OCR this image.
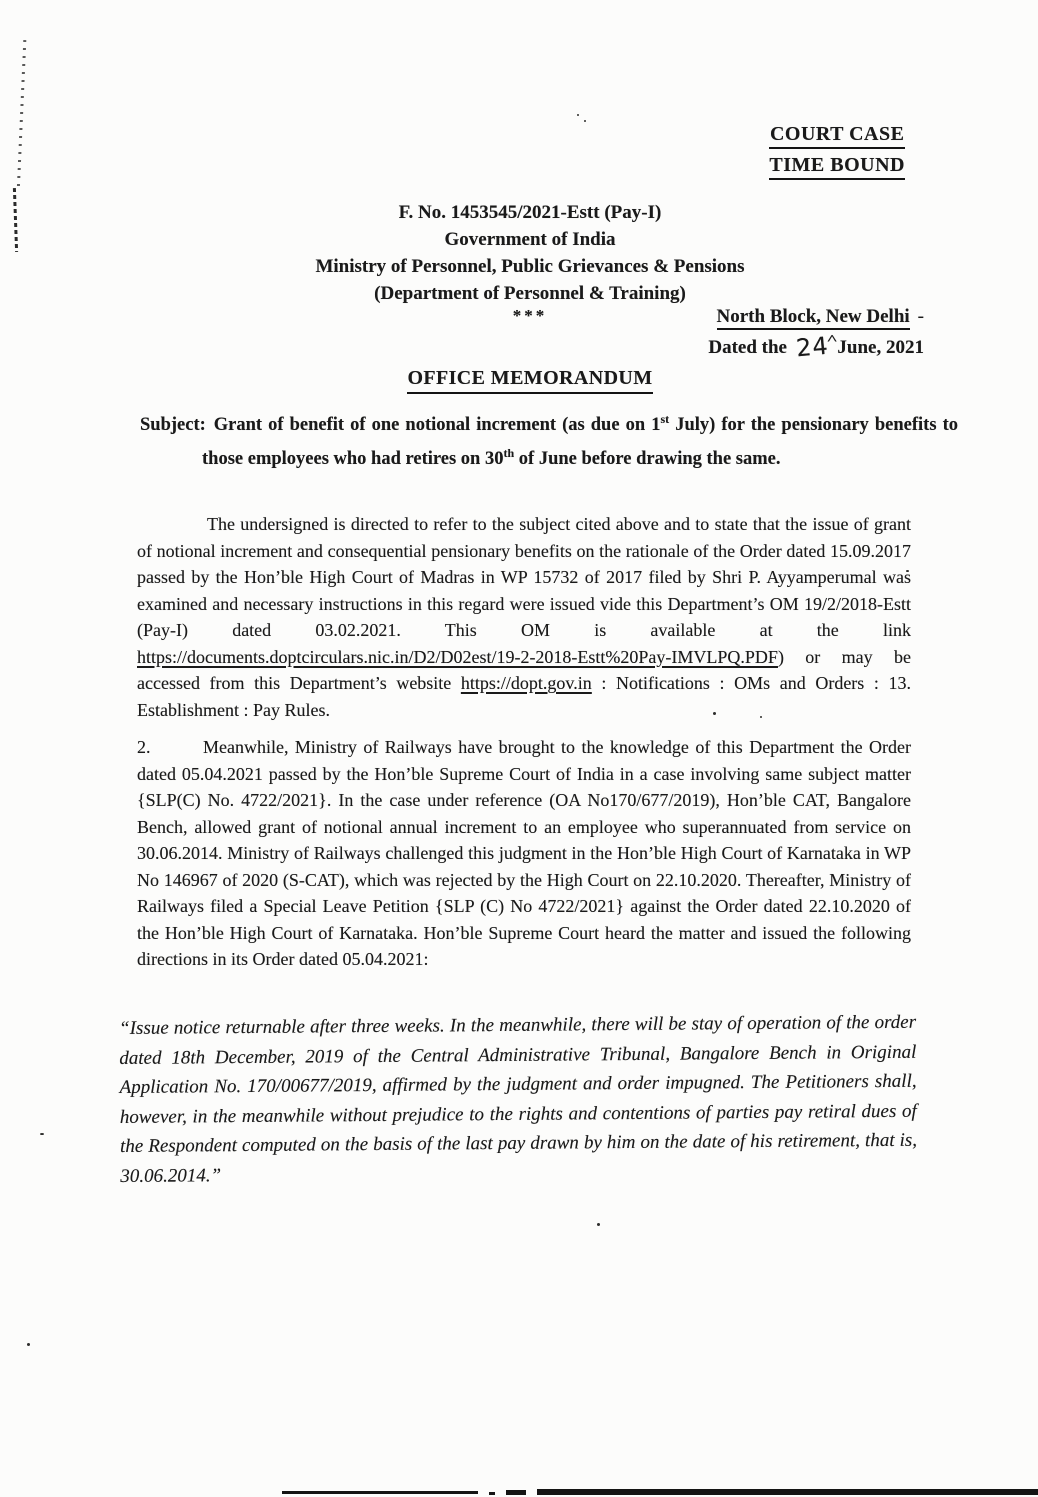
COURT CASE
TIME BOUND
F. No. 1453545/2021-Estt (Pay-I)
Government of India
Ministry of Personnel, Public Grievances & Pensions
(Department of Personnel & Training)
***	North Block, New Delhi -
Dated the 24^June, 2021
OFFICE MEMORANDUM
Subject: Grant of benefit of one notional increment (as due on 1st July) for the pensionary benefits to those employees who had retires on 30th of June before drawing the same.

The undersigned is directed to refer to the subject cited above and to state that the issue of grant of notional increment and consequential pensionary benefits on the rationale of the Order dated 15.09.2017 passed by the Hon’ble High Court of Madras in WP 15732 of 2017 filed by Shri P. Ayyamperumal was examined and necessary instructions in this regard were issued vide this Department’s OM 19/2/2018-Estt (Pay-I) dated 03.02.2021. This OM is available at the link https://documents.doptcirculars.nic.in/D2/D02est/19-2-2018-Estt%20Pay-IMVLPQ.PDF) or may be accessed from this Department’s website https://dopt.gov.in : Notifications : OMs and Orders : 13. Establishment : Pay Rules.

2.	Meanwhile, Ministry of Railways have brought to the knowledge of this Department the Order dated 05.04.2021 passed by the Hon’ble Supreme Court of India in a case involving same subject matter {SLP(C) No. 4722/2021}. In the case under reference (OA No170/677/2019), Hon’ble CAT, Bangalore Bench, allowed grant of notional annual increment to an employee who superannuated from service on 30.06.2014. Ministry of Railways challenged this judgment in the Hon’ble High Court of Karnataka in WP No 146967 of 2020 (S-CAT), which was rejected by the High Court on 22.10.2020. Thereafter, Ministry of Railways filed a Special Leave Petition {SLP (C) No 4722/2021} against the Order dated 22.10.2020 of the Hon’ble High Court of Karnataka. Hon’ble Supreme Court heard the matter and issued the following directions in its Order dated 05.04.2021:

“Issue notice returnable after three weeks. In the meanwhile, there will be stay of operation of the order dated 18th December, 2019 of the Central Administrative Tribunal, Bangalore Bench in Original Application No. 170/00677/2019, affirmed by the judgment and order impugned. The Petitioners shall, however, in the meanwhile without prejudice to the rights and contentions of parties pay retiral dues of the Respondent computed on the basis of the last pay drawn by him on the date of his retirement, that is, 30.06.2014.”
